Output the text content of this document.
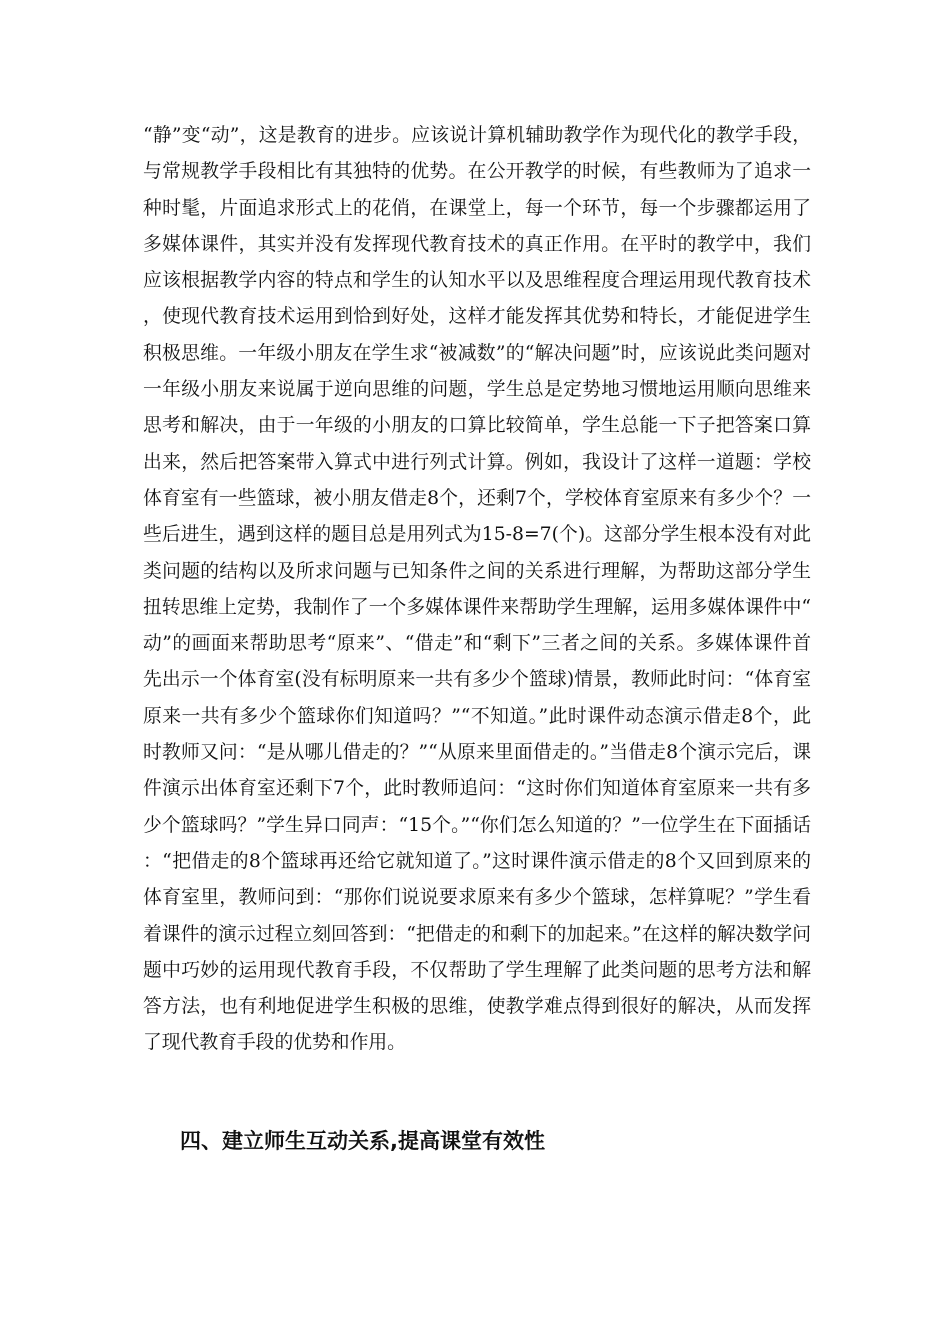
“静”变“动”，这是教育的进步。应该说计算机辅助教学作为现代化的教学手段，与常规教学手段相比有其独特的优势。在公开教学的时候，有些教师为了追求一种时髦，片面追求形式上的花俏，在课堂上，每一个环节，每一个步骤都运用了多媒体课件，其实并没有发挥现代教育技术的真正作用。在平时的教学中，我们应该根据教学内容的特点和学生的认知水平以及思维程度合理运用现代教育技术，使现代教育技术运用到恰到好处，这样才能发挥其优势和特长，才能促进学生积极思维。一年级小朋友在学生求“被减数”的“解决问题”时，应该说此类问题对一年级小朋友来说属于逆向思维的问题，学生总是定势地习惯地运用顺向思维来思考和解决，由于一年级的小朋友的口算比较简单，学生总能一下子把答案口算出来，然后把答案带入算式中进行列式计算。例如，我设计了这样一道题：学校体育室有一些篮球，被小朋友借走8个，还剩7个，学校体育室原来有多少个？一些后进生，遇到这样的题目总是用列式为15-8=7(个)。这部分学生根本没有对此类问题的结构以及所求问题与已知条件之间的关系进行理解，为帮助这部分学生扭转思维上定势，我制作了一个多媒体课件来帮助学生理解，运用多媒体课件中“动”的画面来帮助思考“原来”、“借走”和“剩下”三者之间的关系。多媒体课件首先出示一个体育室(没有标明原来一共有多少个篮球)情景，教师此时问：“体育室原来一共有多少个篮球你们知道吗？”“不知道。”此时课件动态演示借走8个，此时教师又问：“是从哪儿借走的？”“从原来里面借走的。”当借走8个演示完后，课件演示出体育室还剩下7个，此时教师追问：“这时你们知道体育室原来一共有多少个篮球吗？”学生异口同声：“15个。”“你们怎么知道的？”一位学生在下面插话：“把借走的8个篮球再还给它就知道了。”这时课件演示借走的8个又回到原来的体育室里，教师问到：“那你们说说要求原来有多少个篮球，怎样算呢？”学生看着课件的演示过程立刻回答到：“把借走的和剩下的加起来。”在这样的解决数学问题中巧妙的运用现代教育手段，不仅帮助了学生理解了此类问题的思考方法和解答方法，也有利地促进学生积极的思维，使教学难点得到很好的解决，从而发挥了现代教育手段的优势和作用。

四、建立师生互动关系,提高课堂有效性
